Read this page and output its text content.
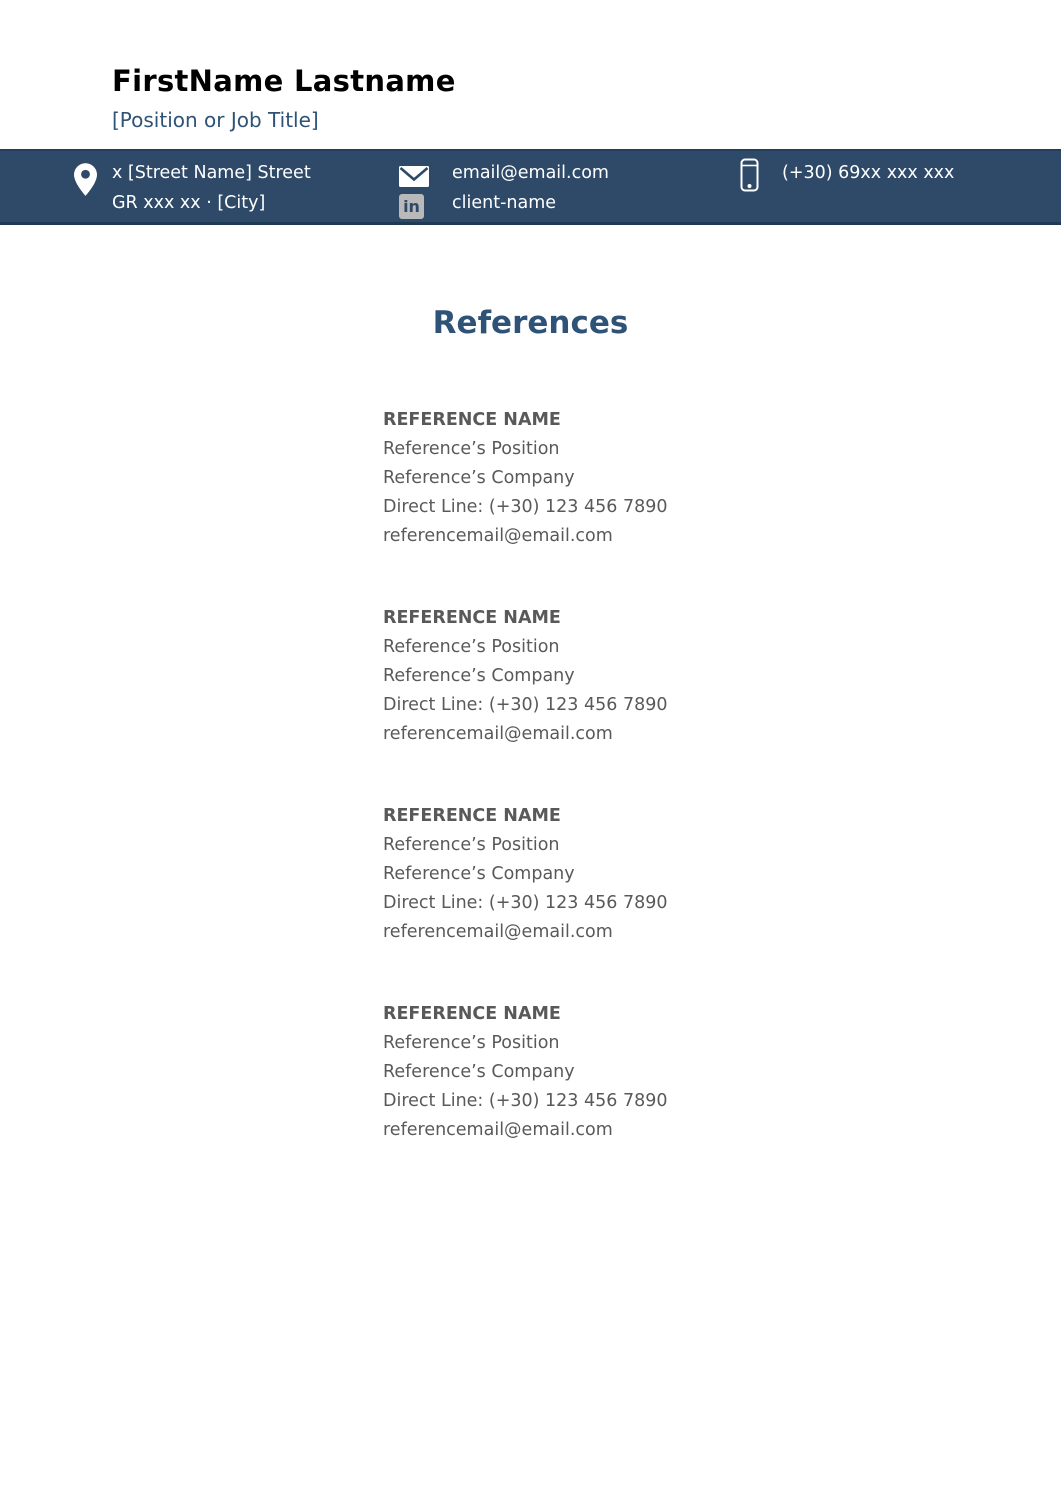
FirstName Lastname
[Position or Job Title]
x [Street Name] Street
GR xxx xx · [City]
email@email.com
in client-name
(+30) 69xx xxx xxx
References
REFERENCE NAME
Reference’s Position
Reference’s Company
Direct Line: (+30) 123 456 7890
referencemail@email.com
REFERENCE NAME
Reference’s Position
Reference’s Company
Direct Line: (+30) 123 456 7890
referencemail@email.com
REFERENCE NAME
Reference’s Position
Reference’s Company
Direct Line: (+30) 123 456 7890
referencemail@email.com
REFERENCE NAME
Reference’s Position
Reference’s Company
Direct Line: (+30) 123 456 7890
referencemail@email.com
